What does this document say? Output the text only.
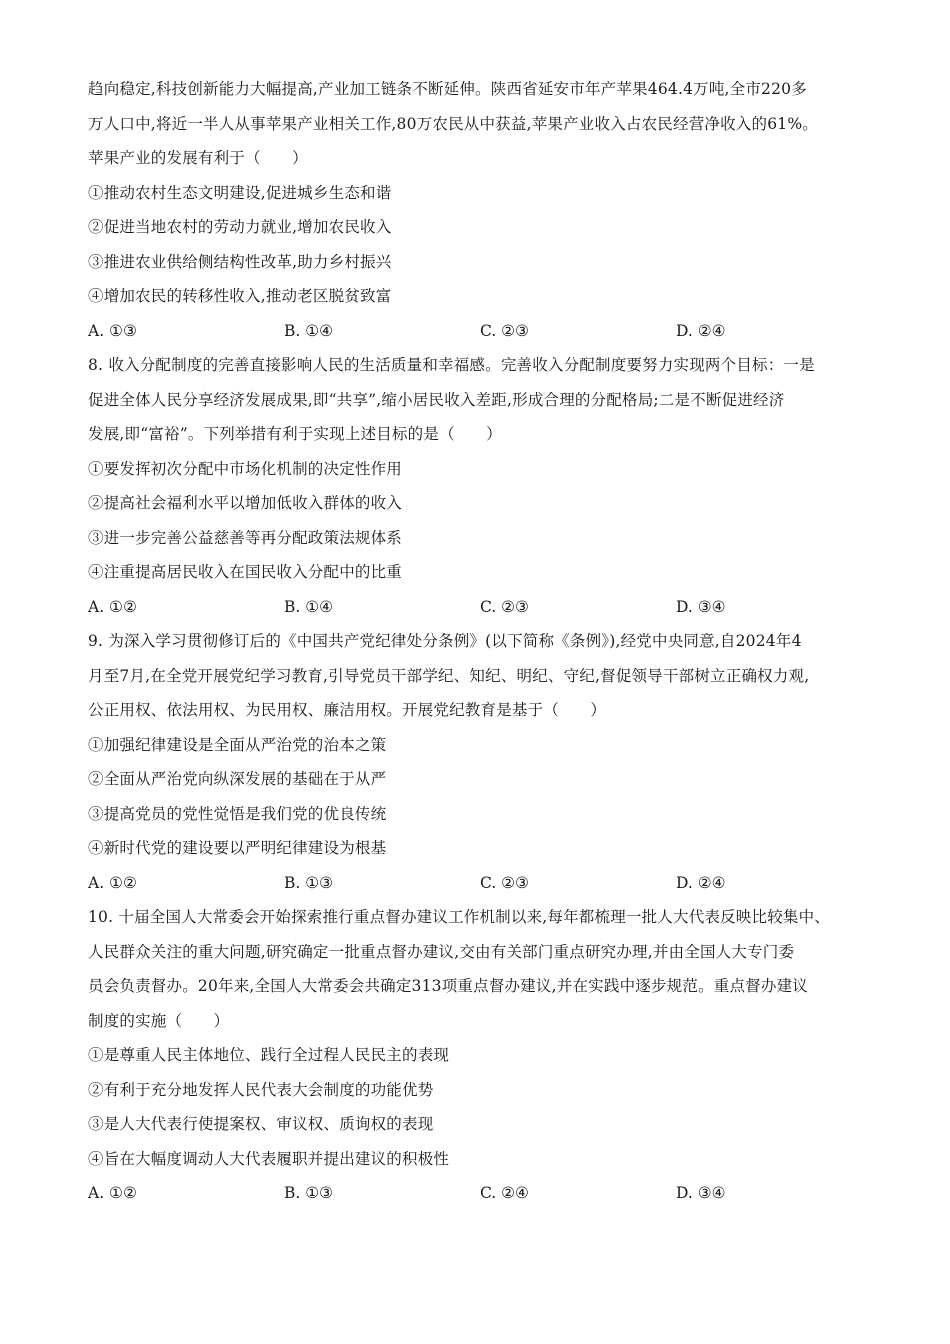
趋向稳定,科技创新能力大幅提高,产业加工链条不断延伸。陕西省延安市年产苹果464.4万吨,全市220多
万人口中,将近一半人从事苹果产业相关工作,80万农民从中获益,苹果产业收入占农民经营净收入的61%。
苹果产业的发展有利于（　　）
①推动农村生态文明建设,促进城乡生态和谐
②促进当地农村的劳动力就业,增加农民收入
③推进农业供给侧结构性改革,助力乡村振兴
④增加农民的转移性收入,推动老区脱贫致富
A. ①③	B. ①④	C. ②③	D. ②④
8. 收入分配制度的完善直接影响人民的生活质量和幸福感。完善收入分配制度要努力实现两个目标：一是
促进全体人民分享经济发展成果,即“共享”,缩小居民收入差距,形成合理的分配格局;二是不断促进经济
发展,即“富裕”。下列举措有利于实现上述目标的是（　　）
①要发挥初次分配中市场化机制的决定性作用
②提高社会福利水平以增加低收入群体的收入
③进一步完善公益慈善等再分配政策法规体系
④注重提高居民收入在国民收入分配中的比重
A. ①②	B. ①④	C. ②③	D. ③④
9. 为深入学习贯彻修订后的《中国共产党纪律处分条例》(以下简称《条例》),经党中央同意,自2024年4
月至7月,在全党开展党纪学习教育,引导党员干部学纪、知纪、明纪、守纪,督促领导干部树立正确权力观,
公正用权、依法用权、为民用权、廉洁用权。开展党纪教育是基于（　　）
①加强纪律建设是全面从严治党的治本之策
②全面从严治党向纵深发展的基础在于从严
③提高党员的党性觉悟是我们党的优良传统
④新时代党的建设要以严明纪律建设为根基
A. ①②	B. ①③	C. ②③	D. ②④
10. 十届全国人大常委会开始探索推行重点督办建议工作机制以来,每年都梳理一批人大代表反映比较集中、
人民群众关注的重大问题,研究确定一批重点督办建议,交由有关部门重点研究办理,并由全国人大专门委
员会负责督办。20年来,全国人大常委会共确定313项重点督办建议,并在实践中逐步规范。重点督办建议
制度的实施（　　）
①是尊重人民主体地位、践行全过程人民民主的表现
②有利于充分地发挥人民代表大会制度的功能优势
③是人大代表行使提案权、审议权、质询权的表现
④旨在大幅度调动人大代表履职并提出建议的积极性
A. ①②	B. ①③	C. ②④	D. ③④
